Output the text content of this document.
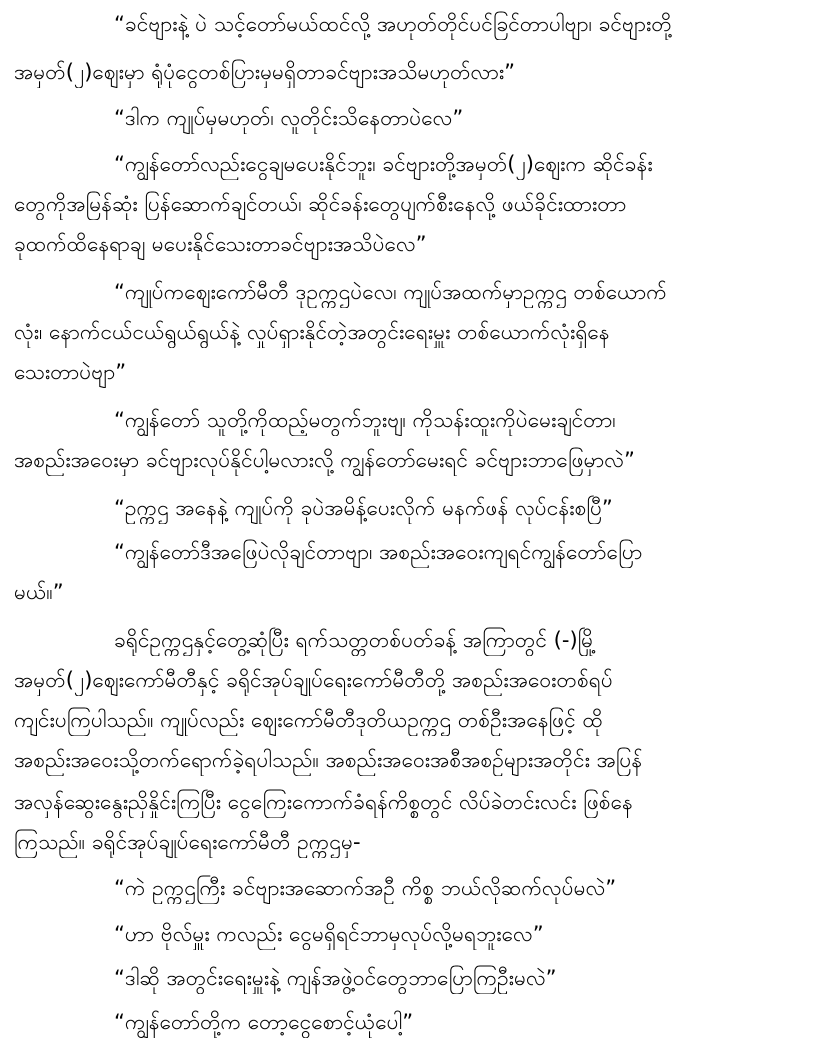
“ခင်ဗျားနဲ့ ပဲ သင့်တော်မယ်ထင်လို့ အဟုတ်တိုင်ပင်ခြင်တာပါဗျာ၊ ခင်ဗျားတို့
အမှတ်(၂)ဈေးမှာ ရုံပုံငွေတစ်ပြားမှမရှိတာခင်ဗျားအသိမဟုတ်လား”
“ဒါက ကျုပ်မှမဟုတ်၊ လူတိုင်းသိနေတာပဲလေ”
“ကျွန်တော်လည်းငွေချမပေးနိုင်ဘူး၊ ခင်ဗျားတို့အမှတ်(၂)ဈေးက ဆိုင်ခန်း
တွေကိုအမြန်ဆုံး ပြန်ဆောက်ချင်တယ်၊ ဆိုင်ခန်းတွေပျက်စီးနေလို့ ဖယ်ခိုင်းထားတာ
ခုထက်ထိနေရာချ မပေးနိုင်သေးတာခင်ဗျားအသိပဲလေ”
“ကျုပ်ကဈေးကော်မီတီ ဒုဥက္ကဌပဲလေ၊ ကျုပ်အထက်မှာဥက္ကဌ တစ်ယောက်
လုံး၊ နောက်ငယ်ငယ်ရွယ်ရွယ်နဲ့ လှုပ်ရှားနိုင်တဲ့အတွင်းရေးမှူး တစ်ယောက်လုံးရှိနေ
သေးတာပဲဗျာ”
“ကျွန်တော် သူတို့ကိုထည့်မတွက်ဘူးဗျ၊ ကိုသန်းထူးကိုပဲမေးချင်တာ၊
အစည်းအဝေးမှာ ခင်ဗျားလုပ်နိုင်ပါ့မလားလို့ ကျွန်တော်မေးရင် ခင်ဗျားဘာဖြေမှာလဲ”
“ဥက္ကဌ အနေနဲ့ ကျုပ်ကို ခုပဲအမိန့်ပေးလိုက် မနက်ဖန် လုပ်ငန်းစပြီ”
“ကျွန်တော်ဒီအဖြေပဲလိုချင်တာဗျာ၊ အစည်းအဝေးကျရင်ကျွန်တော်ပြော
မယ်။”
ခရိုင်ဥက္ကဌနှင့်တွေ့ဆုံပြီး ရက်သတ္တတစ်ပတ်ခန့် အကြာတွင် (-)မြို့
အမှတ်(၂)ဈေးကော်မီတီနှင့် ခရိုင်အုပ်ချုပ်ရေးကော်မီတီတို့ အစည်းအဝေးတစ်ရပ်
ကျင်းပကြပါသည်။ ကျုပ်လည်း ဈေးကော်မီတီဒုတိယဥက္ကဌ တစ်ဦးအနေဖြင့် ထို
အစည်းအဝေးသို့တက်ရောက်ခဲ့ရပါသည်။ အစည်းအဝေးအစီအစဉ်များအတိုင်း အပြန်
အလှန်ဆွေးနွေးညှိနှိုင်းကြပြီး ငွေကြေးကောက်ခံရန်ကိစ္စတွင် လိပ်ခဲတင်းလင်း ဖြစ်နေ
ကြသည်။ ခရိုင်အုပ်ချုပ်ရေးကော်မီတီ ဥက္ကဌမှ-
“ကဲ ဥက္ကဌကြီး ခင်ဗျားအဆောက်အဦ ကိစ္စ ဘယ်လိုဆက်လုပ်မလဲ”
“ဟာ ဗိုလ်မှူး ကလည်း ငွေမရှိရင်ဘာမှလုပ်လို့မရဘူးလေ”
“ဒါဆို အတွင်းရေးမှူးနဲ့ ကျန်အဖွဲ့ဝင်တွေဘာပြောကြဦးမလဲ”
“ကျွန်တော်တို့က တော့ငွေစောင့်ယုံပေါ့”
